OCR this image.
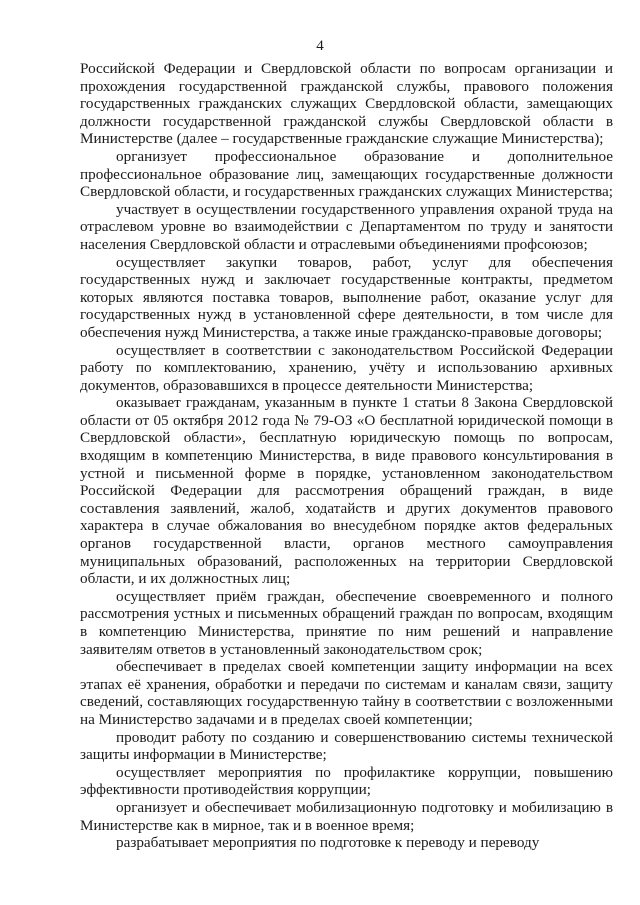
4

Российской Федерации и Свердловской области по вопросам организации и прохождения государственной гражданской службы, правового положения государственных гражданских служащих Свердловской области, замещающих должности государственной гражданской службы Свердловской области в Министерстве (далее – государственные гражданские служащие Министерства);

организует профессиональное образование и дополнительное профессиональное образование лиц, замещающих государственные должности Свердловской области, и государственных гражданских служащих Министерства;

участвует в осуществлении государственного управления охраной труда на отраслевом уровне во взаимодействии с Департаментом по труду и занятости населения Свердловской области и отраслевыми объединениями профсоюзов;

осуществляет закупки товаров, работ, услуг для обеспечения государственных нужд и заключает государственные контракты, предметом которых являются поставка товаров, выполнение работ, оказание услуг для государственных нужд в установленной сфере деятельности, в том числе для обеспечения нужд Министерства, а также иные гражданско-правовые договоры;

осуществляет в соответствии с законодательством Российской Федерации работу по комплектованию, хранению, учёту и использованию архивных документов, образовавшихся в процессе деятельности Министерства;

оказывает гражданам, указанным в пункте 1 статьи 8 Закона Свердловской области от 05 октября 2012 года № 79-ОЗ «О бесплатной юридической помощи в Свердловской области», бесплатную юридическую помощь по вопросам, входящим в компетенцию Министерства, в виде правового консультирования в устной и письменной форме в порядке, установленном законодательством Российской Федерации для рассмотрения обращений граждан, в виде составления заявлений, жалоб, ходатайств и других документов правового характера в случае обжалования во внесудебном порядке актов федеральных органов государственной власти, органов местного самоуправления муниципальных образований, расположенных на территории Свердловской области, и их должностных лиц;

осуществляет приём граждан, обеспечение своевременного и полного рассмотрения устных и письменных обращений граждан по вопросам, входящим в компетенцию Министерства, принятие по ним решений и направление заявителям ответов в установленный законодательством срок;

обеспечивает в пределах своей компетенции защиту информации на всех этапах её хранения, обработки и передачи по системам и каналам связи, защиту сведений, составляющих государственную тайну в соответствии с возложенными на Министерство задачами и в пределах своей компетенции;

проводит работу по созданию и совершенствованию системы технической защиты информации в Министерстве;

осуществляет мероприятия по профилактике коррупции, повышению эффективности противодействия коррупции;

организует и обеспечивает мобилизационную подготовку и мобилизацию в Министерстве как в мирное, так и в военное время;

разрабатывает мероприятия по подготовке к переводу и переводу
